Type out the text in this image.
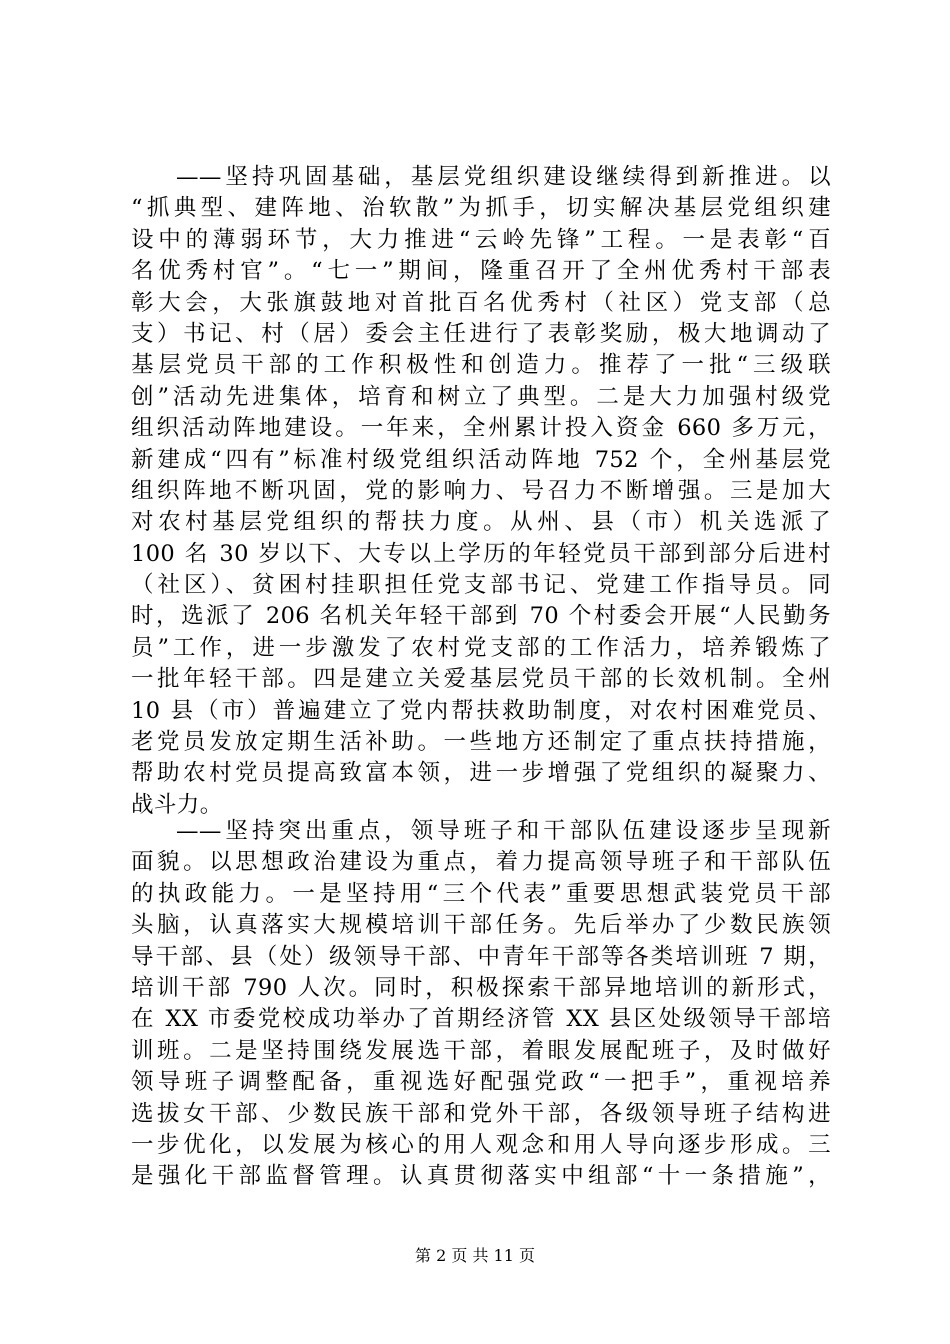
——坚持巩固基础，基层党组织建设继续得到新推进。以
“抓典型、建阵地、治软散”为抓手，切实解决基层党组织建
设中的薄弱环节，大力推进“云岭先锋”工程。一是表彰“百
名优秀村官”。“七一”期间，隆重召开了全州优秀村干部表
彰大会，大张旗鼓地对首批百名优秀村（社区）党支部（总
支）书记、村（居）委会主任进行了表彰奖励，极大地调动了
基层党员干部的工作积极性和创造力。推荐了一批“三级联
创”活动先进集体，培育和树立了典型。二是大力加强村级党
组织活动阵地建设。一年来，全州累计投入资金 660 多万元，
新建成“四有”标准村级党组织活动阵地 752 个，全州基层党
组织阵地不断巩固，党的影响力、号召力不断增强。三是加大
对农村基层党组织的帮扶力度。从州、县（市）机关选派了
100 名 30 岁以下、大专以上学历的年轻党员干部到部分后进村
（社区）、贫困村挂职担任党支部书记、党建工作指导员。同
时，选派了 206 名机关年轻干部到 70 个村委会开展“人民勤务
员”工作，进一步激发了农村党支部的工作活力，培养锻炼了
一批年轻干部。四是建立关爱基层党员干部的长效机制。全州
10 县（市）普遍建立了党内帮扶救助制度，对农村困难党员、
老党员发放定期生活补助。一些地方还制定了重点扶持措施，
帮助农村党员提高致富本领，进一步增强了党组织的凝聚力、
战斗力。
——坚持突出重点，领导班子和干部队伍建设逐步呈现新
面貌。以思想政治建设为重点，着力提高领导班子和干部队伍
的执政能力。一是坚持用“三个代表”重要思想武装党员干部
头脑，认真落实大规模培训干部任务。先后举办了少数民族领
导干部、县（处）级领导干部、中青年干部等各类培训班 7 期，
培训干部 790 人次。同时，积极探索干部异地培训的新形式，
在 XX 市委党校成功举办了首期经济管 XX 县区处级领导干部培
训班。二是坚持围绕发展选干部，着眼发展配班子，及时做好
领导班子调整配备，重视选好配强党政“一把手”，重视培养
选拔女干部、少数民族干部和党外干部，各级领导班子结构进
一步优化，以发展为核心的用人观念和用人导向逐步形成。三
是强化干部监督管理。认真贯彻落实中组部“十一条措施”，
第 2 页 共 11 页
